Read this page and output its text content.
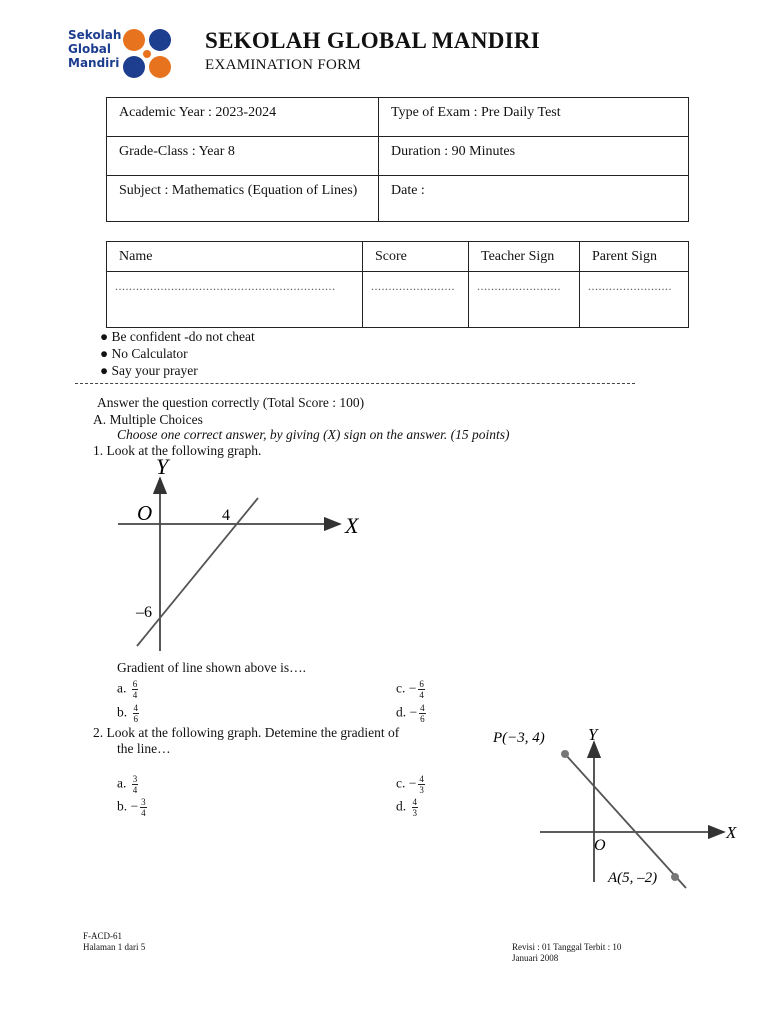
Sekolah
Global
Mandiri
SEKOLAH GLOBAL MANDIRI
EXAMINATION FORM
Academic Year : 2023-2024	Type of Exam : Pre Daily Test
Grade-Class : Year 8	Duration : 90 Minutes
Subject : Mathematics (Equation of Lines)	Date :
Name	Score	Teacher Sign	Parent Sign
...............................................................	........................	........................	........................
● Be confident -do not cheat
● No Calculator
● Say your prayer
Answer the question correctly (Total Score : 100)
A. Multiple Choices
Choose one correct answer, by giving (X) sign on the answer. (15 points)
1. Look at the following graph.
Y
X
O	4
–6
Gradient of line shown above is….
a. $\frac{6}{4}$
b. $\frac{4}{6}$
c. − $\frac{6}{4}$
d. − $\frac{4}{6}$
2. Look at the following graph. Detemine the gradient of
the line…
a. $\frac{3}{4}$
b. − $\frac{3}{4}$
c. − $\frac{4}{3}$
d. $\frac{4}{3}$
P(−3, 4)	Y
X
O
A(5, –2)
F-ACD-61
Halaman 1 dari 5	Revisi : 01 Tanggal Terbit : 10
Januari 2008
